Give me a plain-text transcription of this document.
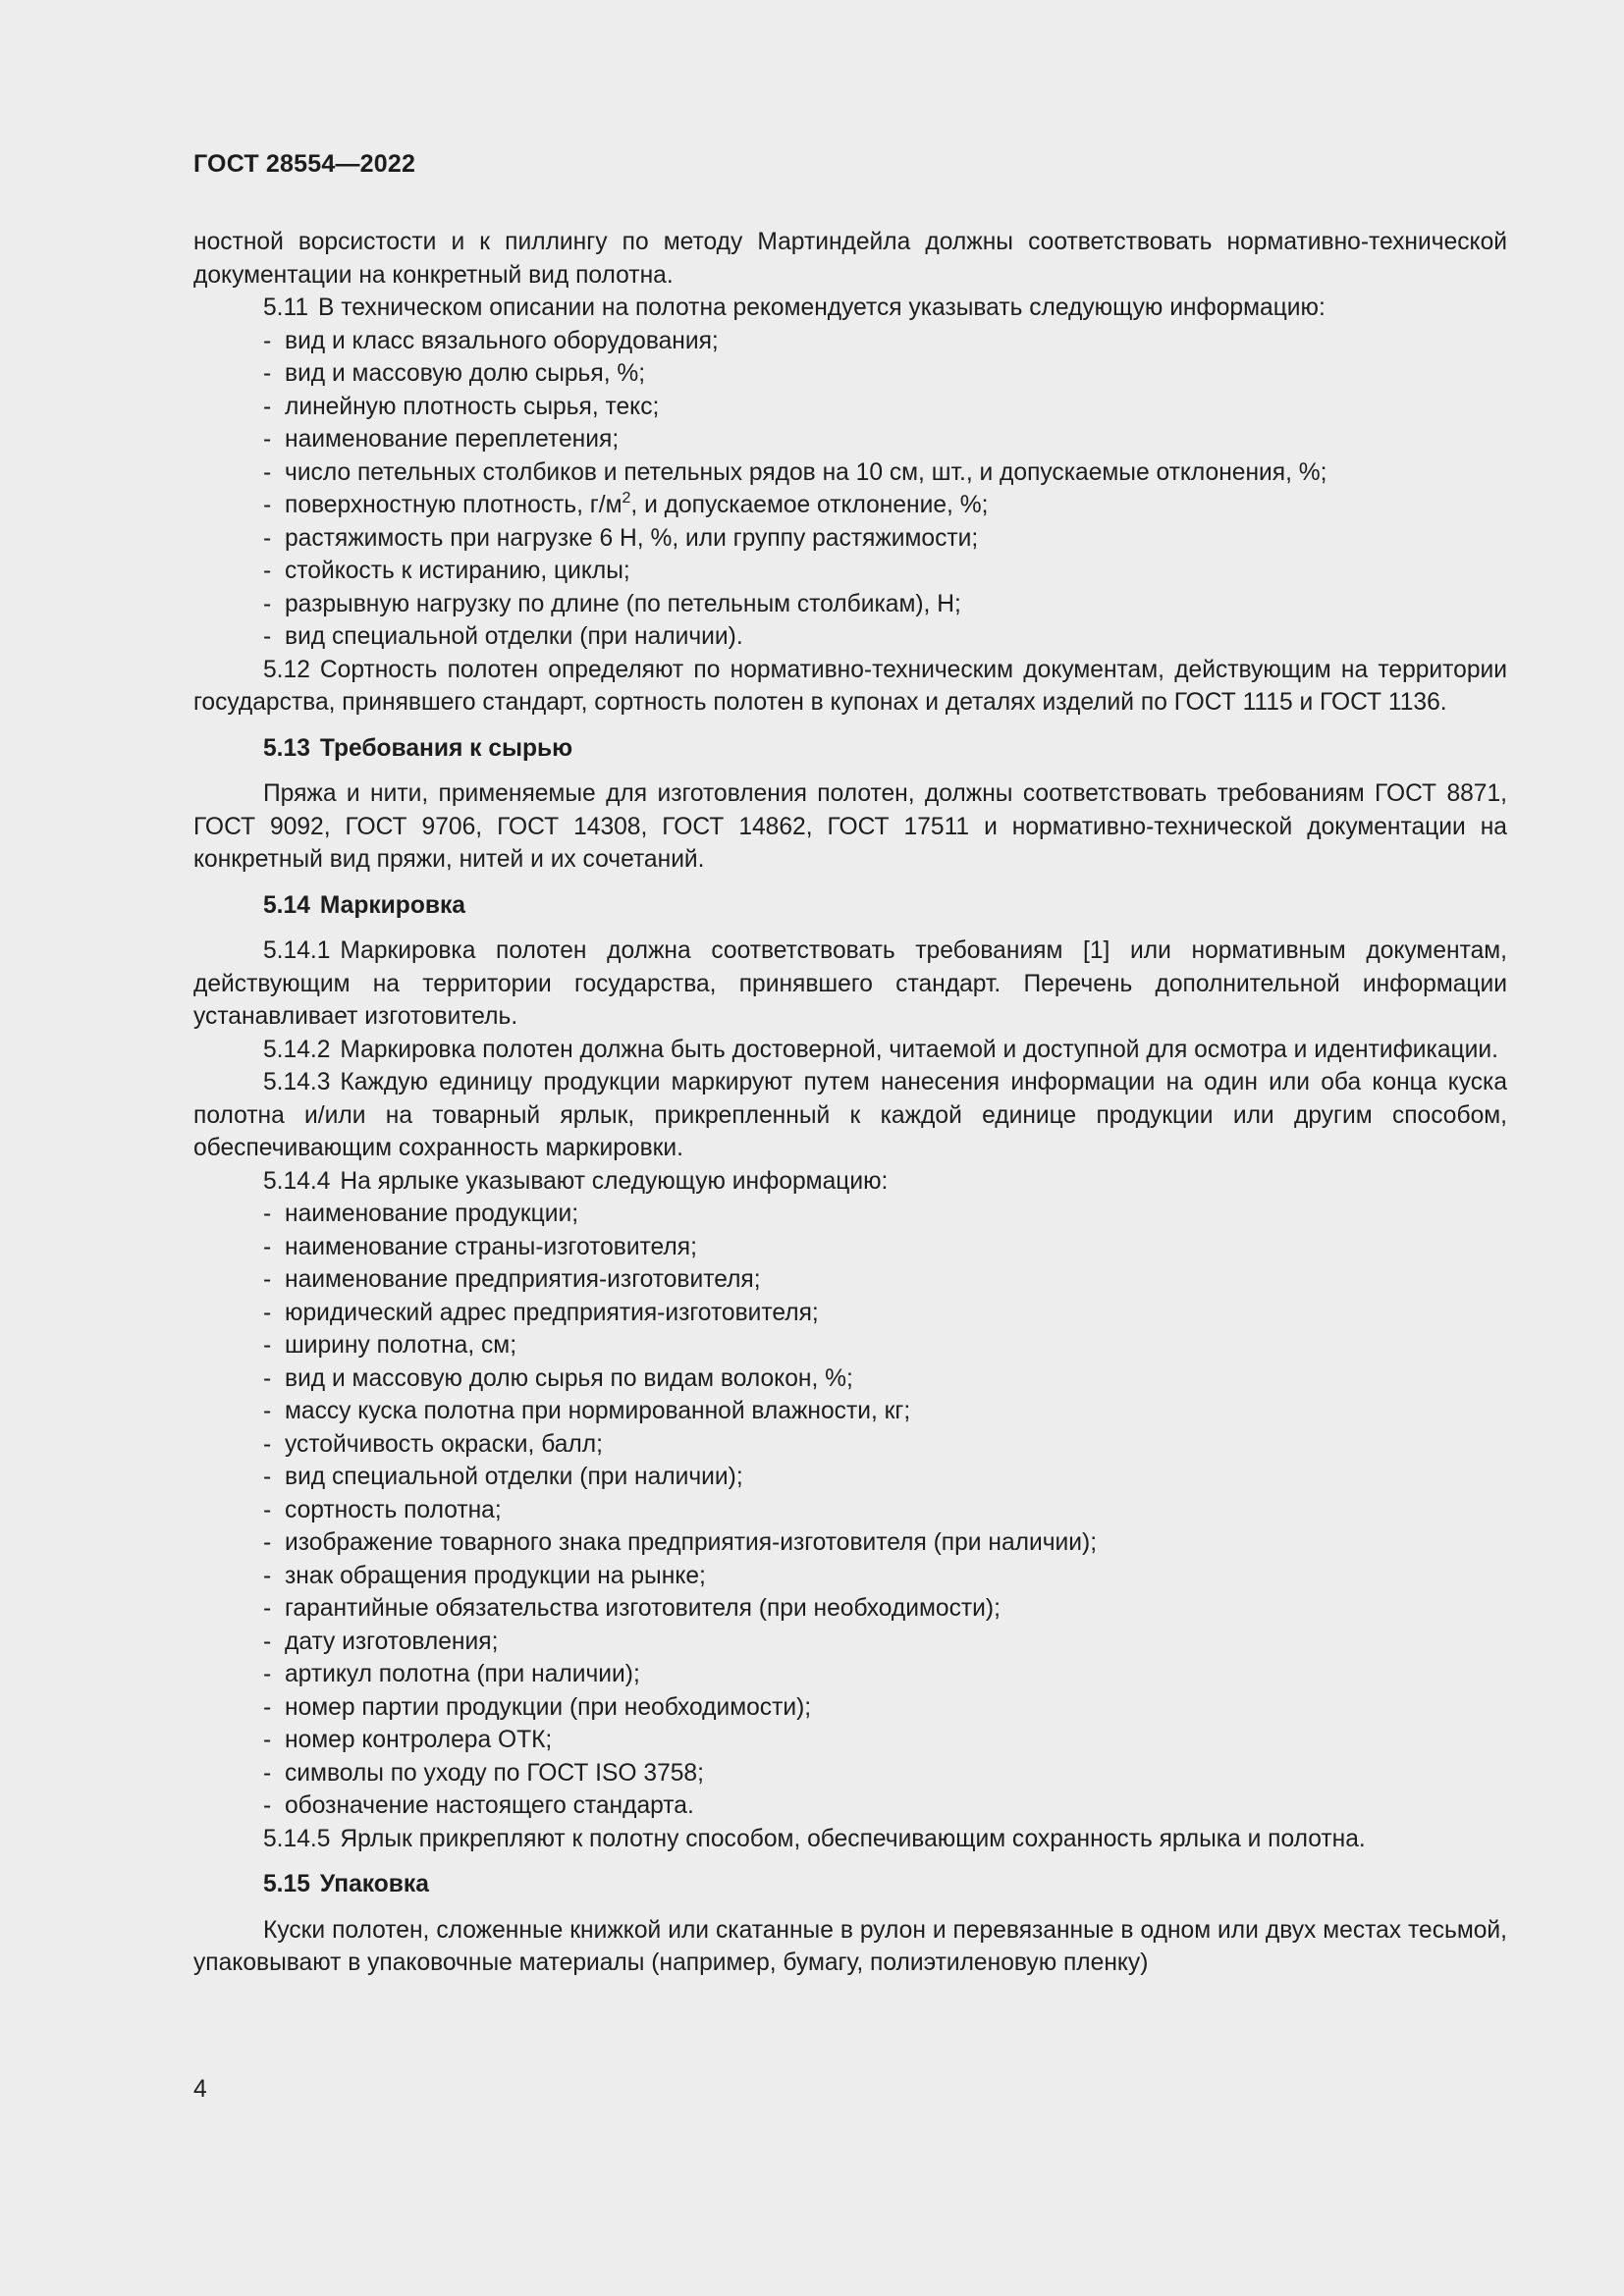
ГОСТ 28554—2022

ностной ворсистости и к пиллингу по методу Мартиндейла должны соответствовать нормативно-технической документации на конкретный вид полотна.

5.11 В техническом описании на полотна рекомендуется указывать следующую информацию:

- вид и класс вязального оборудования;
- вид и массовую долю сырья, %;
- линейную плотность сырья, текс;
- наименование переплетения;
- число петельных столбиков и петельных рядов на 10 см, шт., и допускаемые отклонения, %;
- поверхностную плотность, $г/м^2$, и допускаемое отклонение, %;
- растяжимость при нагрузке 6 Н, %, или группу растяжимости;
- стойкость к истиранию, циклы;
- разрывную нагрузку по длине (по петельным столбикам), Н;
- вид специальной отделки (при наличии).

5.12 Сортность полотен определяют по нормативно-техническим документам, действующим на территории государства, принявшего стандарт, сортность полотен в купонах и деталях изделий по ГОСТ 1115 и ГОСТ 1136.

5.13 Требования к сырью

Пряжа и нити, применяемые для изготовления полотен, должны соответствовать требованиям ГОСТ 8871, ГОСТ 9092, ГОСТ 9706, ГОСТ 14308, ГОСТ 14862, ГОСТ 17511 и нормативно-технической документации на конкретный вид пряжи, нитей и их сочетаний.

5.14 Маркировка

5.14.1 Маркировка полотен должна соответствовать требованиям [1] или нормативным документам, действующим на территории государства, принявшего стандарт. Перечень дополнительной информации устанавливает изготовитель.

5.14.2 Маркировка полотен должна быть достоверной, читаемой и доступной для осмотра и идентификации.

5.14.3 Каждую единицу продукции маркируют путем нанесения информации на один или оба конца куска полотна и/или на товарный ярлык, прикрепленный к каждой единице продукции или другим способом, обеспечивающим сохранность маркировки.

5.14.4 На ярлыке указывают следующую информацию:

- наименование продукции;
- наименование страны-изготовителя;
- наименование предприятия-изготовителя;
- юридический адрес предприятия-изготовителя;
- ширину полотна, см;
- вид и массовую долю сырья по видам волокон, %;
- массу куска полотна при нормированной влажности, кг;
- устойчивость окраски, балл;
- вид специальной отделки (при наличии);
- сортность полотна;
- изображение товарного знака предприятия-изготовителя (при наличии);
- знак обращения продукции на рынке;
- гарантийные обязательства изготовителя (при необходимости);
- дату изготовления;
- артикул полотна (при наличии);
- номер партии продукции (при необходимости);
- номер контролера ОТК;
- символы по уходу по ГОСТ ISO 3758;
- обозначение настоящего стандарта.

5.14.5 Ярлык прикрепляют к полотну способом, обеспечивающим сохранность ярлыка и полотна.

5.15 Упаковка

Куски полотен, сложенные книжкой или скатанные в рулон и перевязанные в одном или двух местах тесьмой, упаковывают в упаковочные материалы (например, бумагу, полиэтиленовую пленку)

4
